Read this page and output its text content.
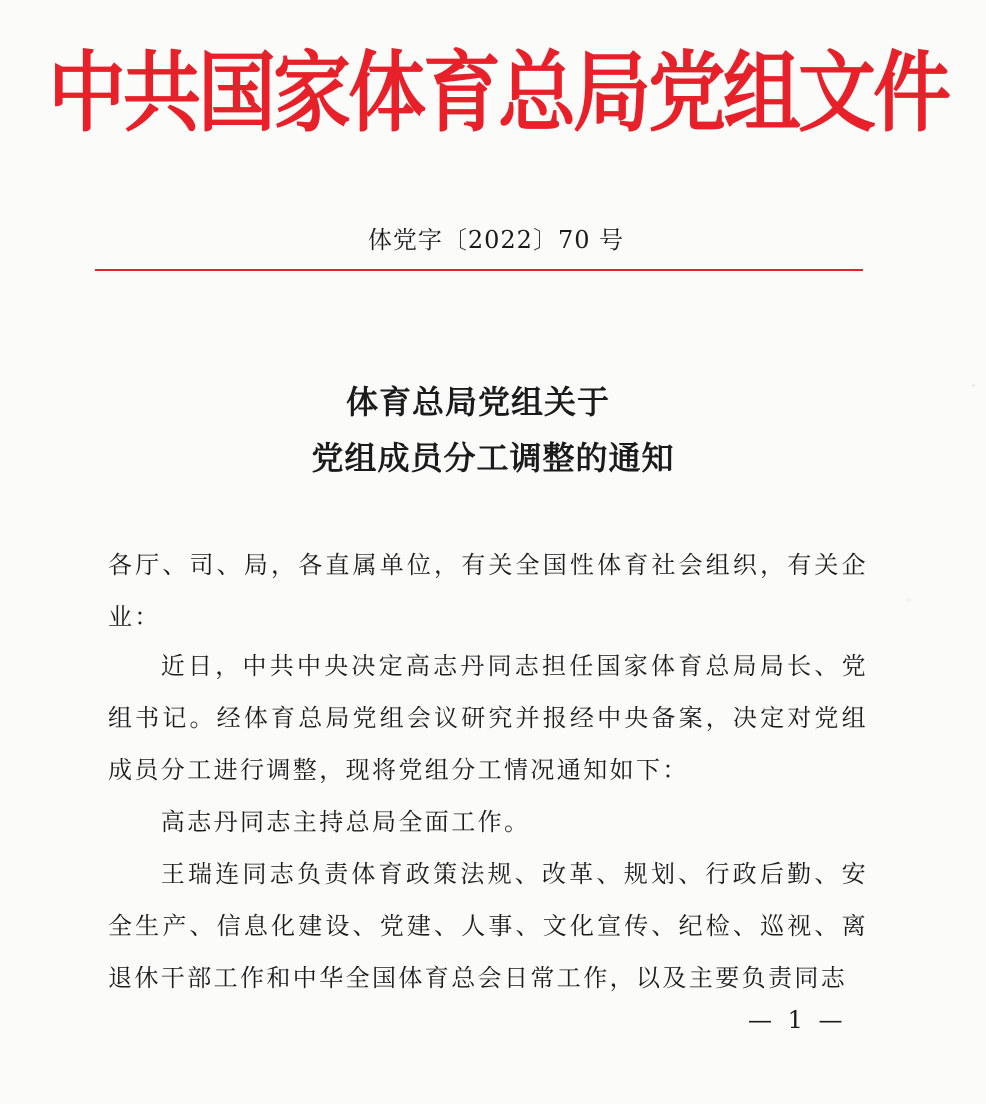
中共国家体育总局党组文件
体党字〔2022〕70 号
体育总局党组关于
党组成员分工调整的通知
各厅、司、局，各直属单位，有关全国性体育社会组织，有关企业：
近日，中共中央决定高志丹同志担任国家体育总局局长、党组书记。经体育总局党组会议研究并报经中央备案，决定对党组成员分工进行调整，现将党组分工情况通知如下：
高志丹同志主持总局全面工作。
王瑞连同志负责体育政策法规、改革、规划、行政后勤、安全生产、信息化建设、党建、人事、文化宣传、纪检、巡视、离退休干部工作和中华全国体育总会日常工作，以及主要负责同志
— 1 —
